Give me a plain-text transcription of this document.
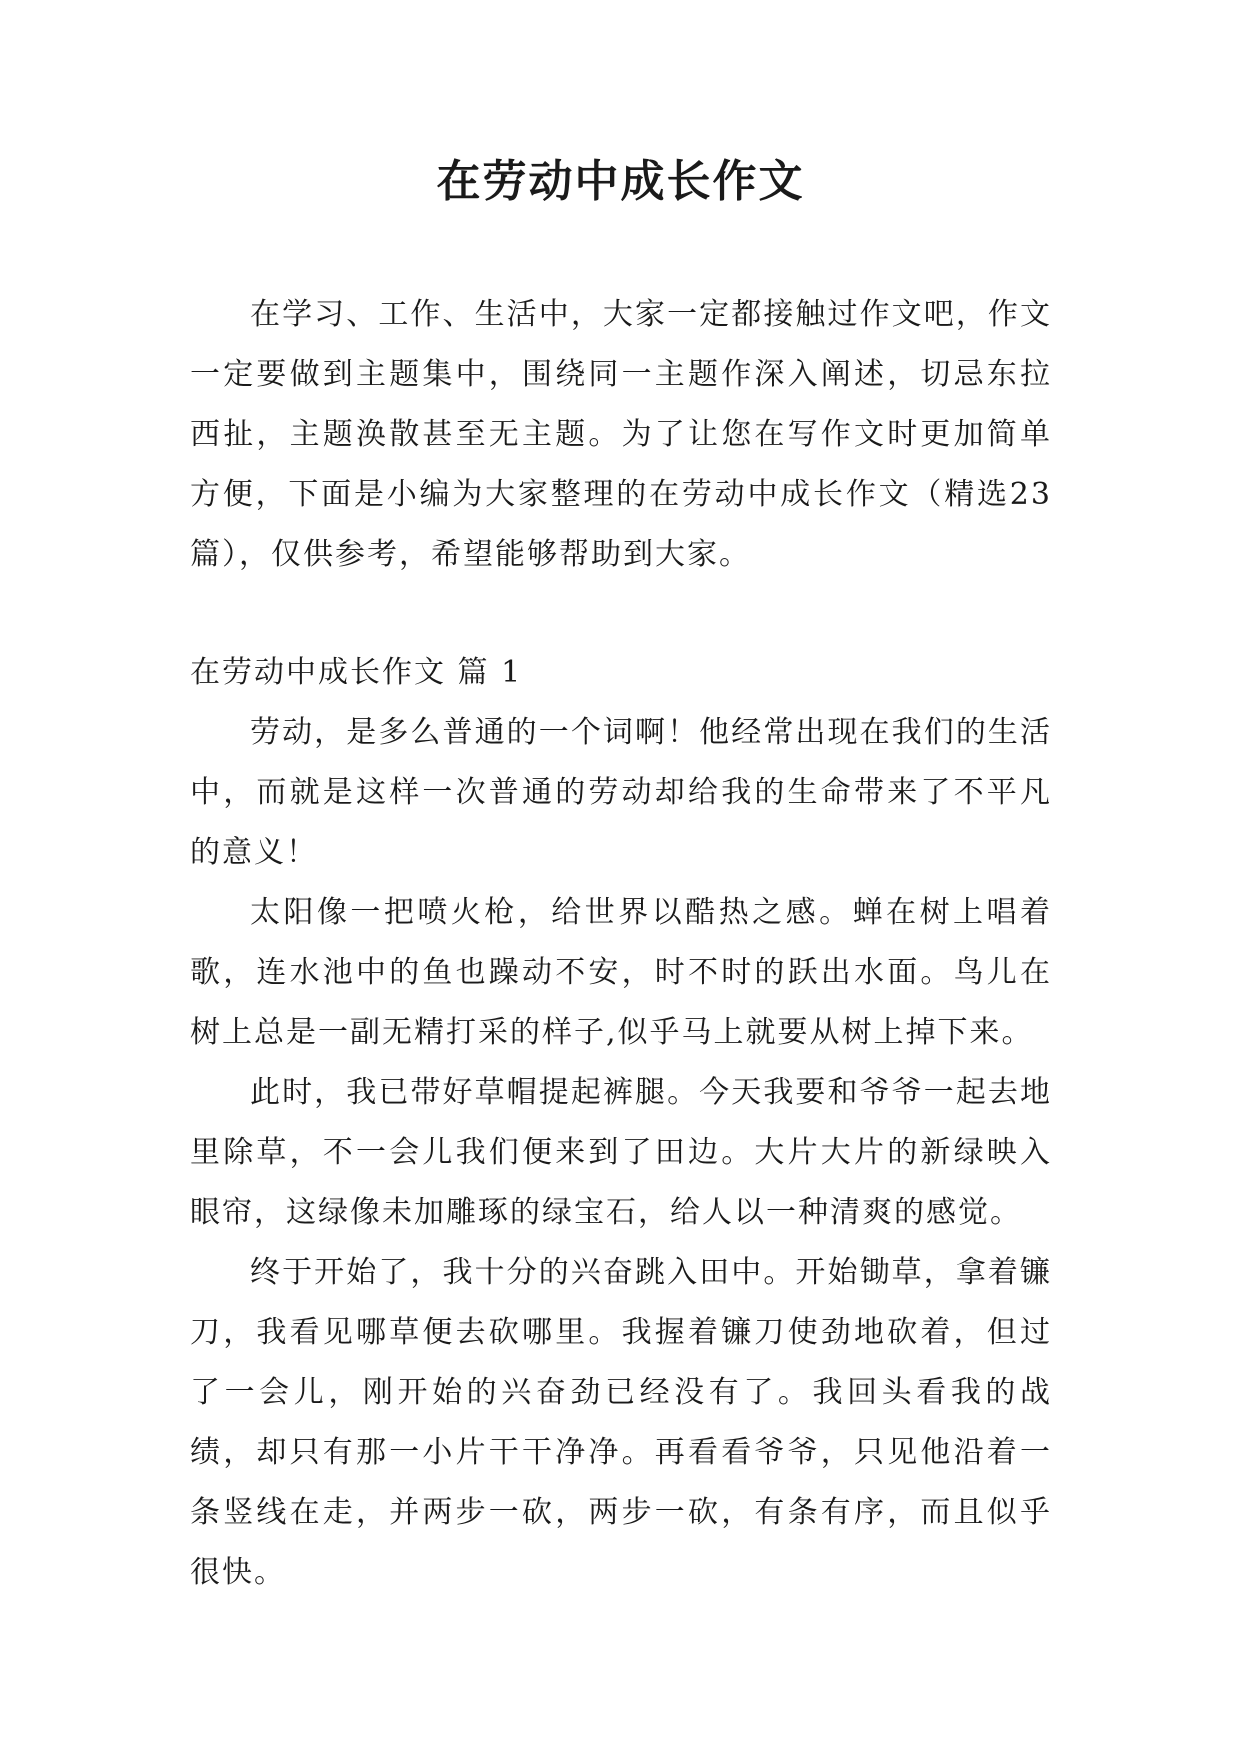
在劳动中成长作文

在学习、工作、生活中，大家一定都接触过作文吧，作文一定要做到主题集中，围绕同一主题作深入阐述，切忌东拉西扯，主题涣散甚至无主题。为了让您在写作文时更加简单方便，下面是小编为大家整理的在劳动中成长作文（精选23篇），仅供参考，希望能够帮助到大家。

在劳动中成长作文 篇 1

劳动，是多么普通的一个词啊！他经常出现在我们的生活中，而就是这样一次普通的劳动却给我的生命带来了不平凡的意义！

太阳像一把喷火枪，给世界以酷热之感。蝉在树上唱着歌，连水池中的鱼也躁动不安，时不时的跃出水面。鸟儿在树上总是一副无精打采的样子,似乎马上就要从树上掉下来。

此时，我已带好草帽提起裤腿。今天我要和爷爷一起去地里除草，不一会儿我们便来到了田边。大片大片的新绿映入眼帘，这绿像未加雕琢的绿宝石，给人以一种清爽的感觉。

终于开始了，我十分的兴奋跳入田中。开始锄草，拿着镰刀，我看见哪草便去砍哪里。我握着镰刀使劲地砍着，但过了一会儿，刚开始的兴奋劲已经没有了。我回头看我的战绩，却只有那一小片干干净净。再看看爷爷，只见他沿着一条竖线在走，并两步一砍，两步一砍，有条有序，而且似乎很快。
